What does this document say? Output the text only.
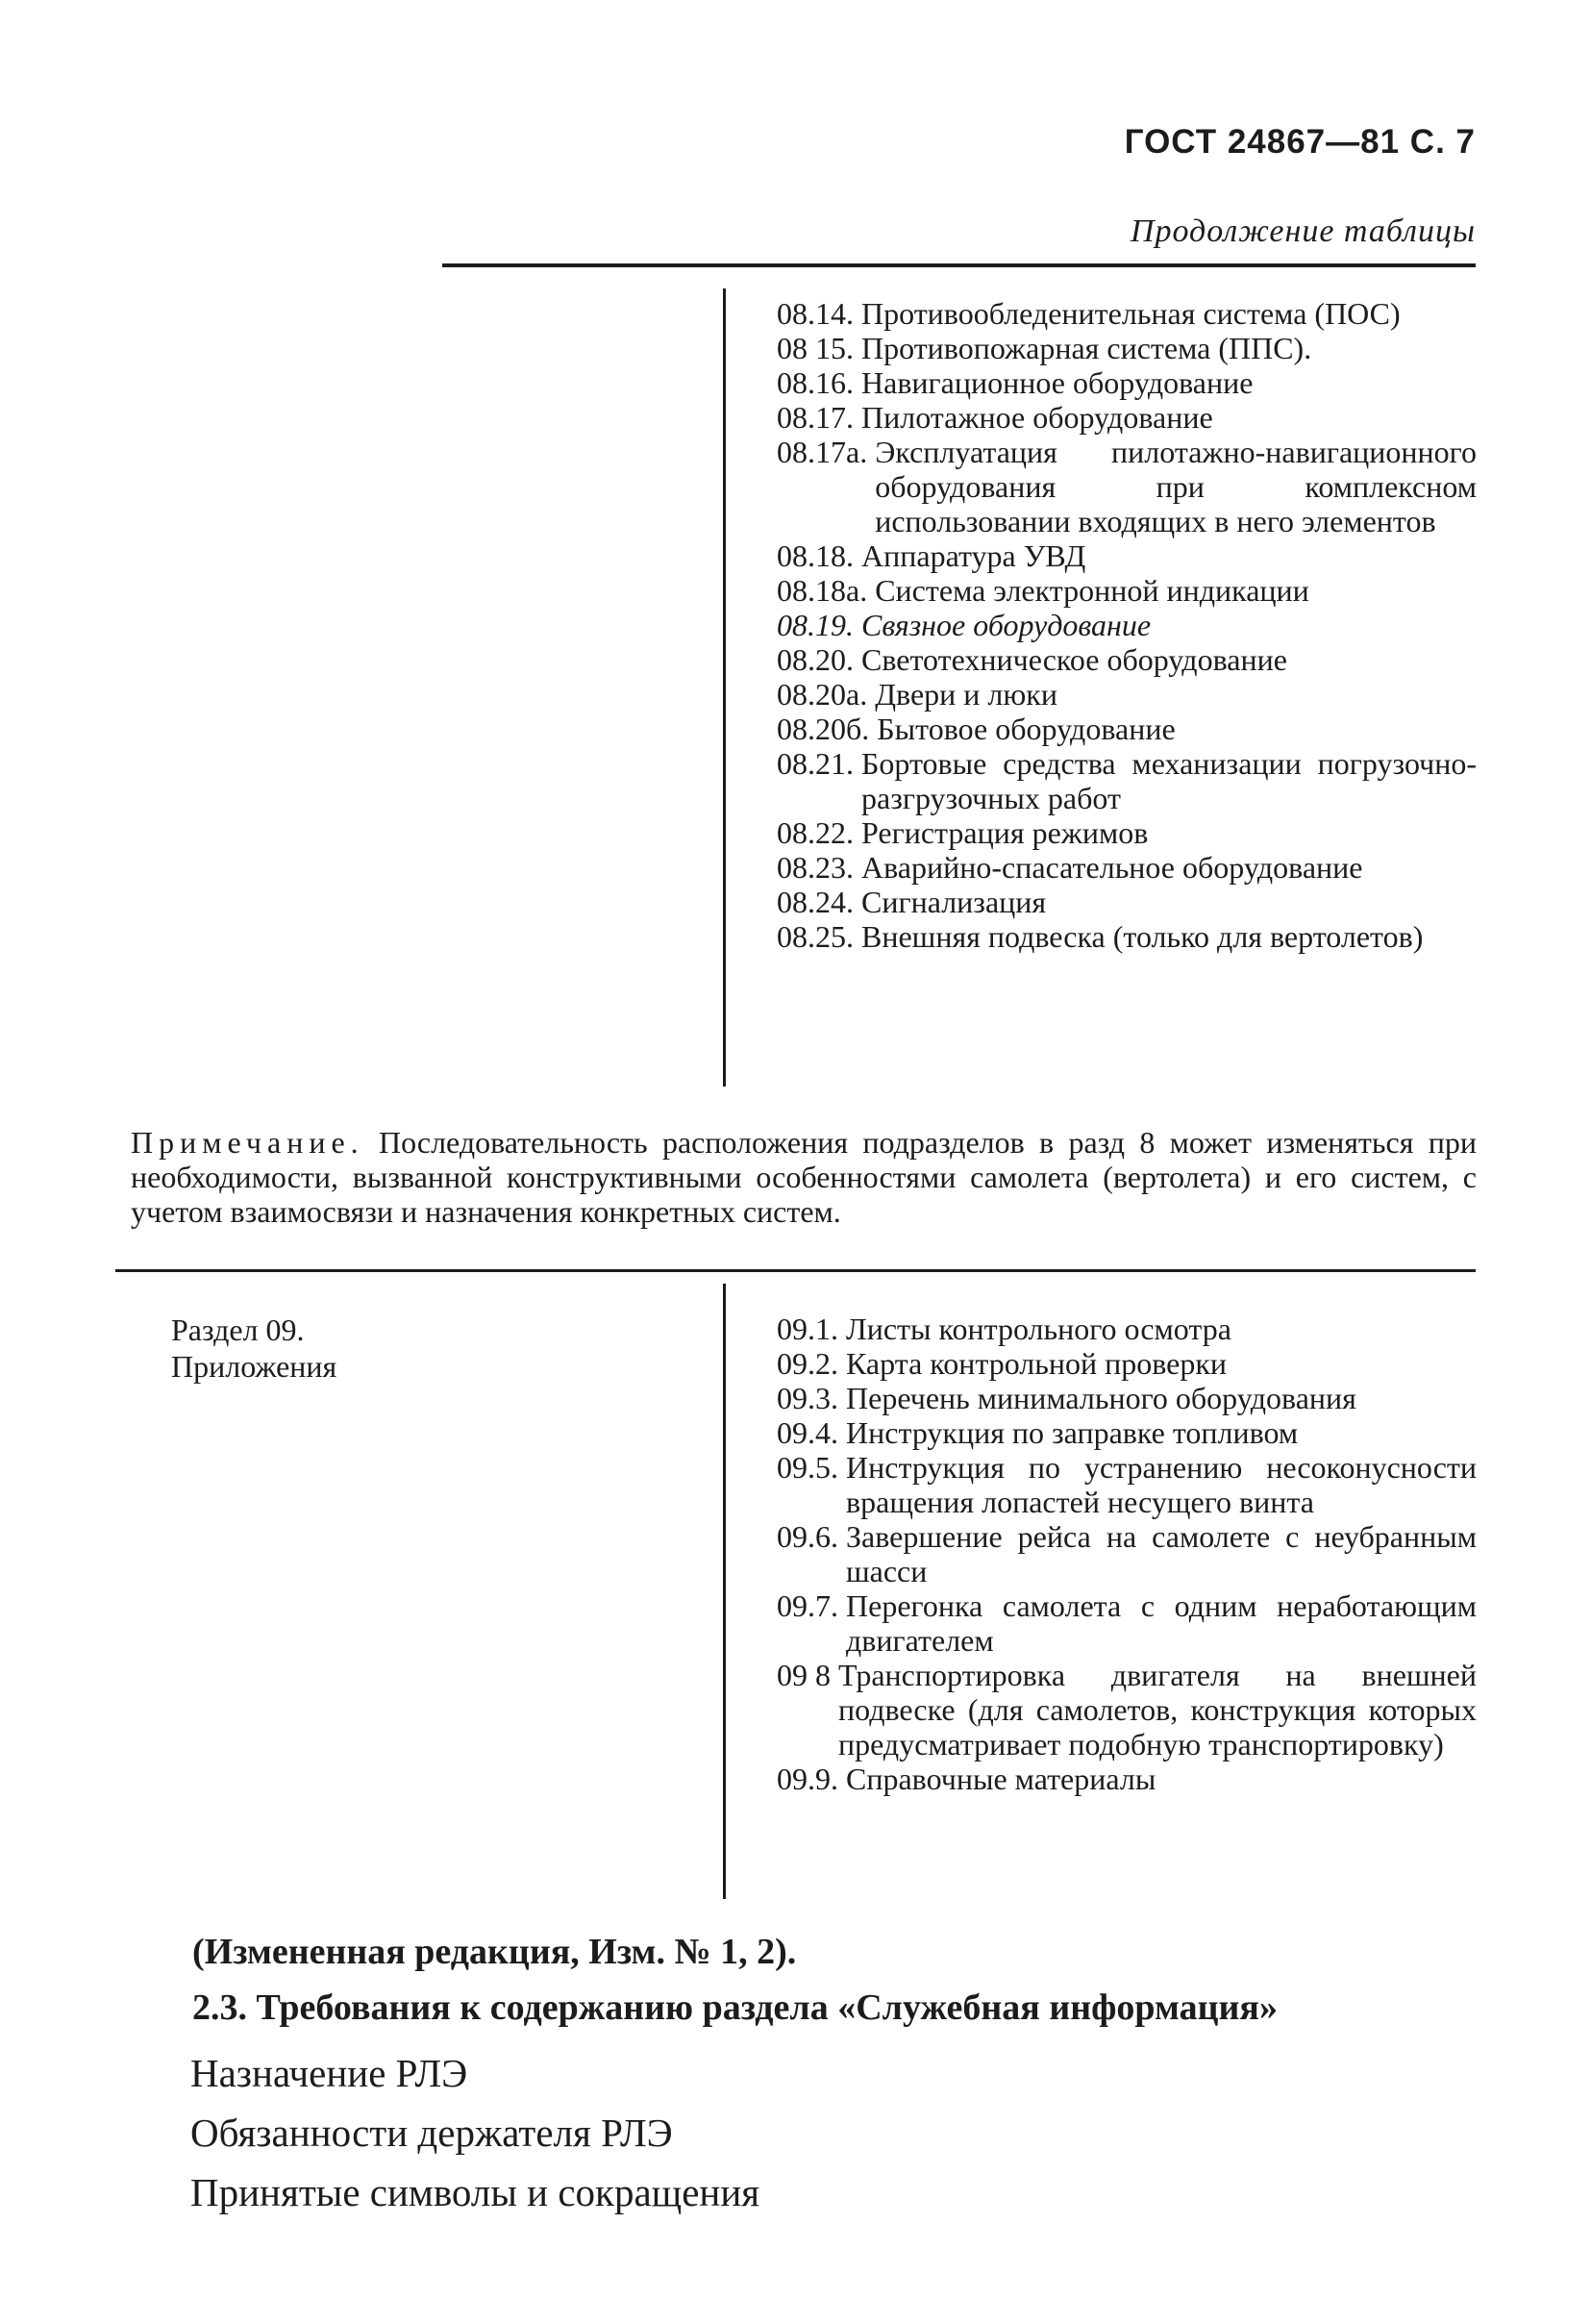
ГОСТ 24867—81 С. 7
Продолжение таблицы
08.14. Противообледенительная система (ПОС)
08 15. Противопожарная система (ППС).
08.16. Навигационное оборудование
08.17. Пилотажное оборудование
08.17а. Эксплуатация пилотажно-навигационного оборудования при комплексном использовании входящих в него элементов
08.18. Аппаратура УВД
08.18а. Система электронной индикации
08.19. Связное оборудование
08.20. Светотехническое оборудование
08.20а. Двери и люки
08.20б. Бытовое оборудование
08.21. Бортовые средства механизации погрузочно-разгрузочных работ
08.22. Регистрация режимов
08.23. Аварийно-спасательное оборудование
08.24. Сигнализация
08.25. Внешняя подвеска (только для вертолетов)
Примечание. Последовательность расположения подразделов в разд 8 может изменяться при необходимости, вызванной конструктивными особенностями самолета (вертолета) и его систем, с учетом взаимосвязи и назначения конкретных систем.
Раздел 09.
Приложения
09.1. Листы контрольного осмотра
09.2. Карта контрольной проверки
09.3. Перечень минимального оборудования
09.4. Инструкция по заправке топливом
09.5. Инструкция по устранению несоконусности вращения лопастей несущего винта
09.6. Завершение рейса на самолете с неубранным шасси
09.7. Перегонка самолета с одним неработающим двигателем
09 8 Транспортировка двигателя на внешней подвеске (для самолетов, конструкция которых предусматривает подобную транспортировку)
09.9. Справочные материалы
(Измененная редакция, Изм. № 1, 2).
2.3. Требования к содержанию раздела «Служебная информация»
Назначение РЛЭ
Обязанности держателя РЛЭ
Принятые символы и сокращения
